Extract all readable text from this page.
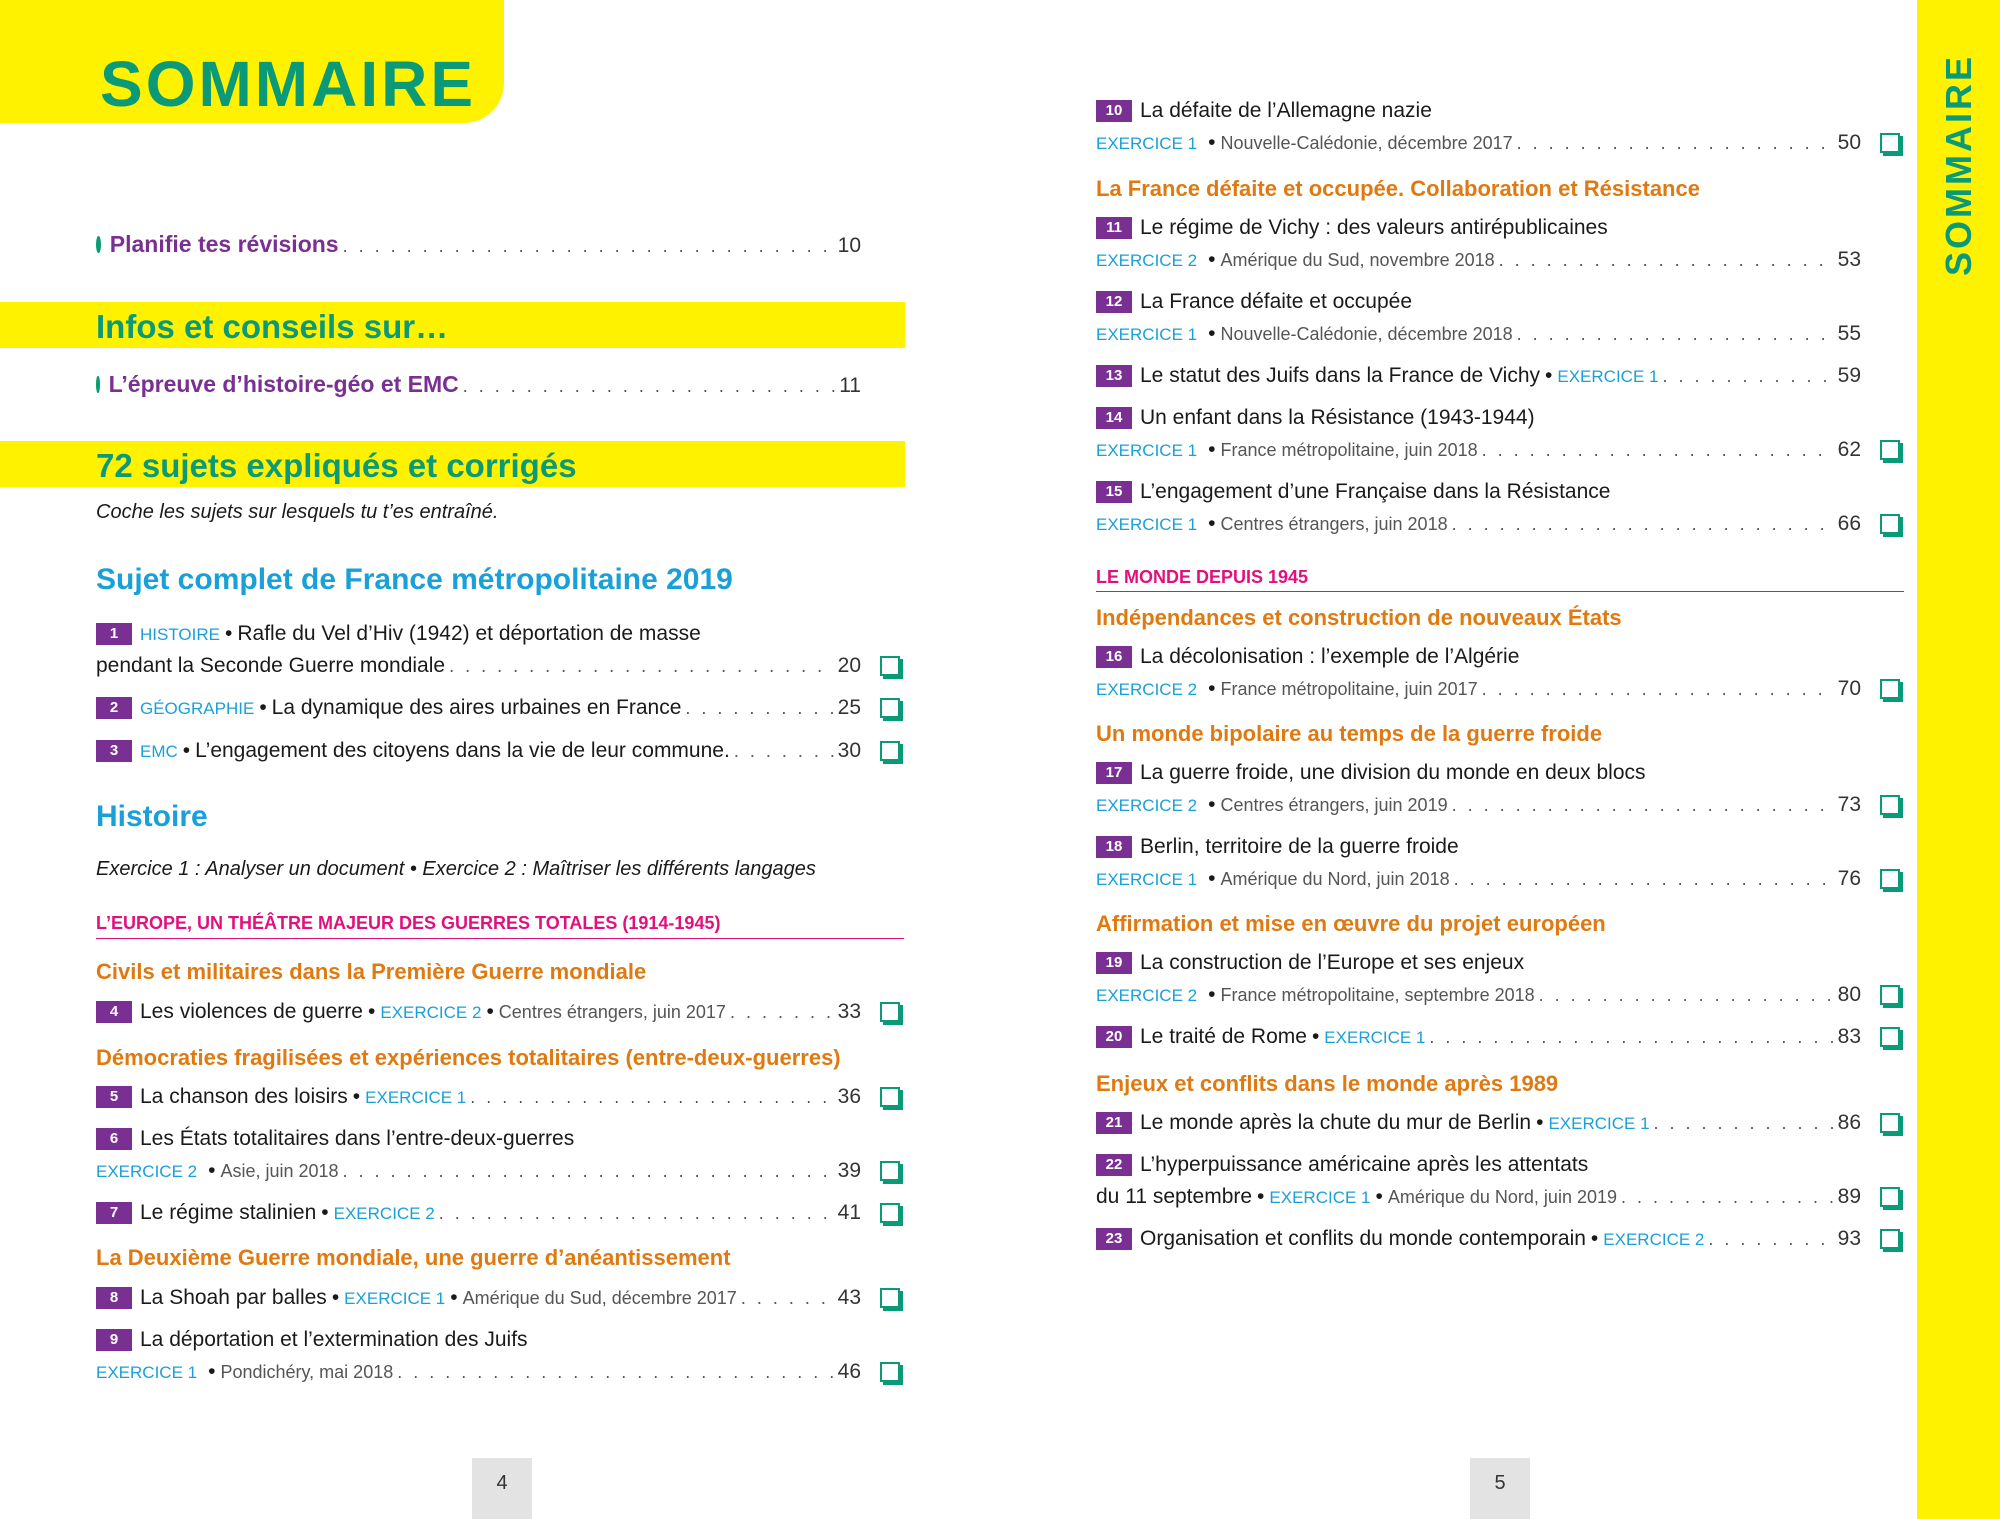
SOMMAIRE	SOMMAIRE
Planifie tes révisions . . .	10
Infos et conseils sur…
L’épreuve d’histoire-géo et EMC . . .	11
72 sujets expliqués et corrigés
Coche les sujets sur lesquels tu t’es entraîné.
Sujet complet de France métropolitaine 2019
1	HISTOIRE • Rafle du Vel d’Hiv (1942) et déportation de masse
pendant la Seconde Guerre mondiale . . .	20
2	GÉOGRAPHIE • La dynamique des aires urbaines en France . . .	25
3	EMC • L’engagement des citoyens dans la vie de leur commune. . . .	30
Histoire
Exercice 1 : Analyser un document • Exercice 2 : Maîtriser les différents langages
L’EUROPE, UN THÉÂTRE MAJEUR DES GUERRES TOTALES (1914-1945)
Civils et militaires dans la Première Guerre mondiale
4	Les violences de guerre • EXERCICE 2 • Centres étrangers, juin 2017 . . .	33
Démocraties fragilisées et expériences totalitaires (entre-deux-guerres)
5	La chanson des loisirs • EXERCICE 1 . . .	36
6	Les États totalitaires dans l’entre-deux-guerres
EXERCICE 2 • Asie, juin 2018 . . .	39
7	Le régime stalinien • EXERCICE 2 . . .	41
La Deuxième Guerre mondiale, une guerre d’anéantissement
8	La Shoah par balles • EXERCICE 1 • Amérique du Sud, décembre 2017 . . .	43
9	La déportation et l’extermination des Juifs
EXERCICE 1 • Pondichéry, mai 2018 . . .	46
10 La défaite de l’Allemagne nazie
EXERCICE 1 • Nouvelle-Calédonie, décembre 2017 . . .	50
La France défaite et occupée. Collaboration et Résistance
11 Le régime de Vichy : des valeurs antirépublicaines
EXERCICE 2 • Amérique du Sud, novembre 2018 . . .	53
12 La France défaite et occupée
EXERCICE 1 • Nouvelle-Calédonie, décembre 2018 . . .	55
13 Le statut des Juifs dans la France de Vichy • EXERCICE 1 . . .	59
14 Un enfant dans la Résistance (1943-1944)
EXERCICE 1 • France métropolitaine, juin 2018 . . .	62
15 L’engagement d’une Française dans la Résistance
EXERCICE 1 • Centres étrangers, juin 2018 . . .	66
LE MONDE DEPUIS 1945
Indépendances et construction de nouveaux États
16 La décolonisation : l’exemple de l’Algérie
EXERCICE 2 • France métropolitaine, juin 2017 . . .	70
Un monde bipolaire au temps de la guerre froide
17 La guerre froide, une division du monde en deux blocs
EXERCICE 2 • Centres étrangers, juin 2019 . . .	73
18 Berlin, territoire de la guerre froide
EXERCICE 1 • Amérique du Nord, juin 2018 . . .	76
Affirmation et mise en œuvre du projet européen
19 La construction de l’Europe et ses enjeux
EXERCICE 2 • France métropolitaine, septembre 2018 . . .	80
20 Le traité de Rome • EXERCICE 1 . . .	83
Enjeux et conflits dans le monde après 1989
21 Le monde après la chute du mur de Berlin • EXERCICE 1 . . .	86
22 L’hyperpuissance américaine après les attentats
du 11 septembre • EXERCICE 1 • Amérique du Nord, juin 2019 . . .	89
23 Organisation et conflits du monde contemporain • EXERCICE 2 . . .	93
4	5
